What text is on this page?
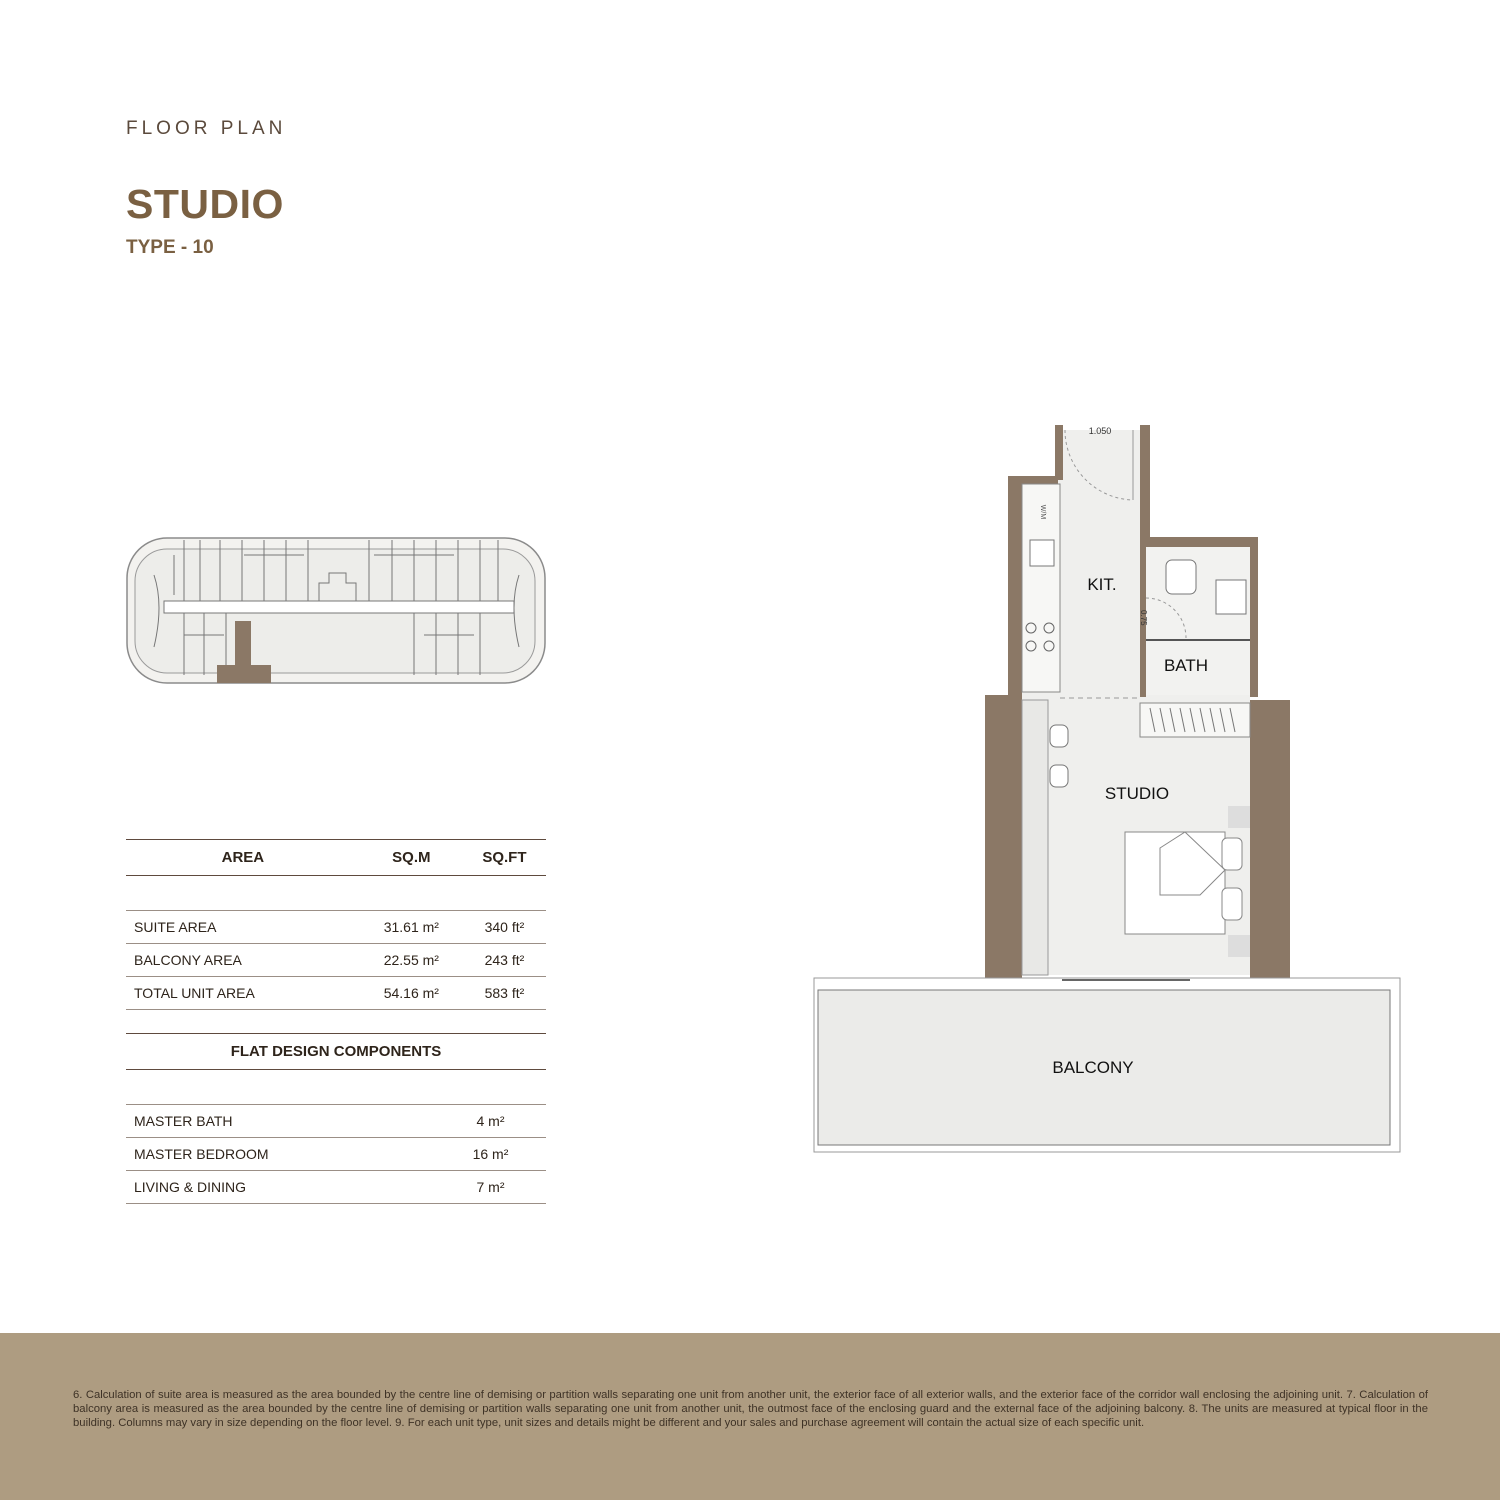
FLOOR PLAN
STUDIO
TYPE - 10
AREA	SQ.M	SQ.FT

SUITE AREA	31.61 m²	340 ft²
BALCONY AREA	22.55 m²	243 ft²
TOTAL UNIT AREA	54.16 m²	583 ft²
FLAT DESIGN COMPONENTS	

MASTER BATH	4 m²
MASTER BEDROOM	16 m²
LIVING & DINING	7 m²
1.050
W/M
0.75
KIT.
BATH
STUDIO
BALCONY
6. Calculation of suite area is measured as the area bounded by the centre line of demising or partition walls separating one unit from another unit, the exterior face of all exterior walls, and the exterior face of the corridor wall enclosing the adjoining unit. 7. Calculation of balcony area is measured as the area bounded by the centre line of demising or partition walls separating one unit from another unit, the outmost face of the enclosing guard and the external face of the adjoining balcony. 8. The units are measured at typical floor in the building. Columns may vary in size depending on the floor level. 9. For each unit type, unit sizes and details might be different and your sales and purchase agreement will contain the actual size of each specific unit.
